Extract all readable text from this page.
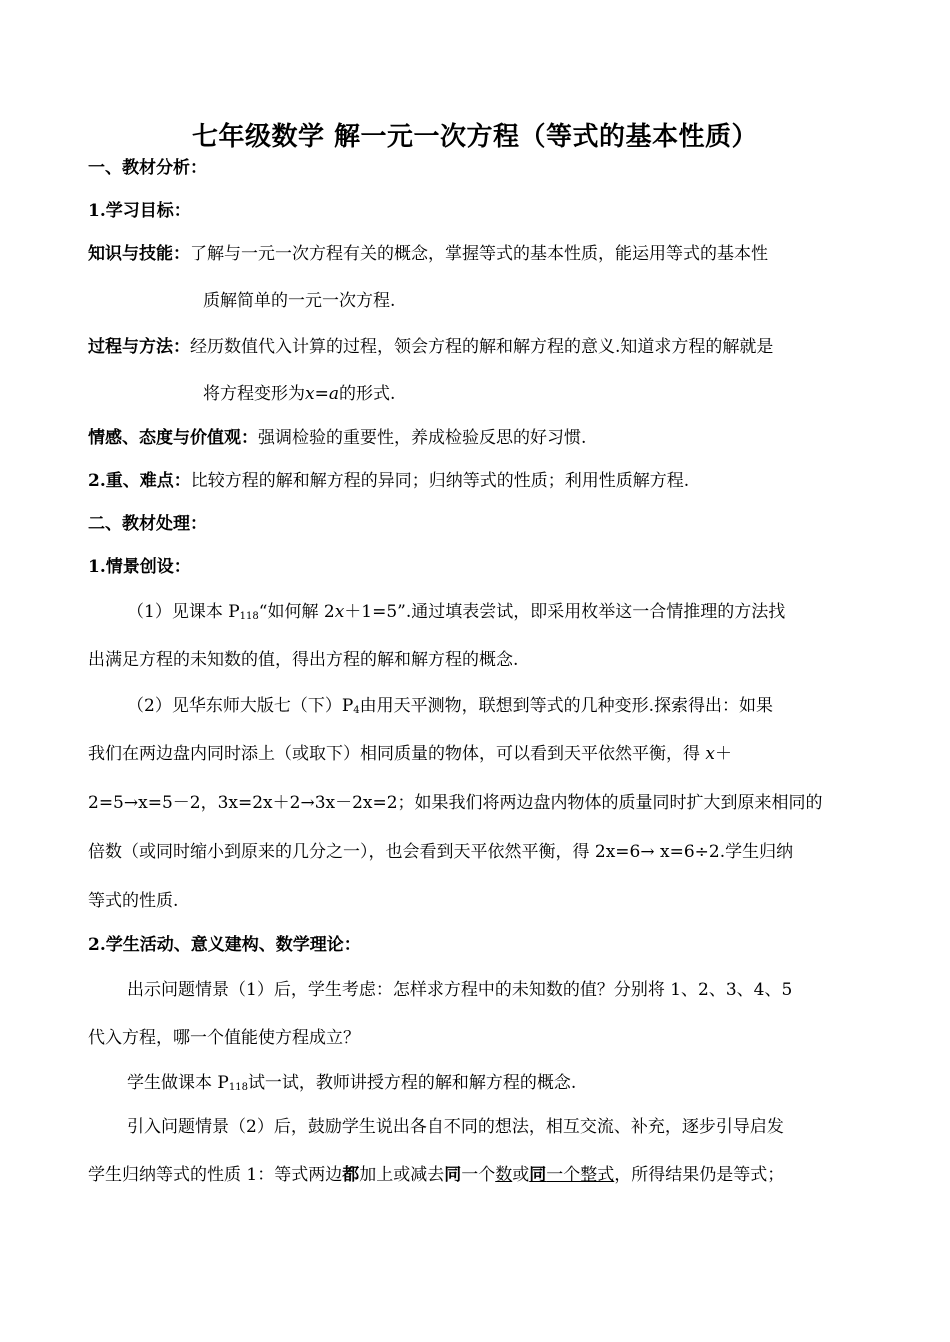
七年级数学 解一元一次方程（等式的基本性质）
一、教材分析：
1.学习目标：
知识与技能：了解与一元一次方程有关的概念，掌握等式的基本性质，能运用等式的基本性
质解简单的一元一次方程.
过程与方法：经历数值代入计算的过程，领会方程的解和解方程的意义.知道求方程的解就是
将方程变形为x=a的形式.
情感、态度与价值观：强调检验的重要性，养成检验反思的好习惯.
2.重、难点：比较方程的解和解方程的异同；归纳等式的性质；利用性质解方程.
二、教材处理：
1.情景创设：
（1）见课本 $P_{118}“$如何解 2x＋1=5”.通过填表尝试，即采用枚举这一合情推理的方法找
出满足方程的未知数的值，得出方程的解和解方程的概念.
（2）见华东师大版七（下）$P_4$由用天平测物，联想到等式的几种变形.探索得出：如果
我们在两边盘内同时添上（或取下）相同质量的物体，可以看到天平依然平衡，得 x＋
2=5→x=5－2，3x=2x＋2→3x－2x=2；如果我们将两边盘内物体的质量同时扩大到原来相同的
倍数（或同时缩小到原来的几分之一），也会看到天平依然平衡，得 2x=6→ x=6÷2.学生归纳
等式的性质.
2.学生活动、意义建构、数学理论：
出示问题情景（1）后，学生考虑：怎样求方程中的未知数的值？分别将 1、2、3、4、5
代入方程，哪一个值能使方程成立？
学生做课本 $P_{118}$试一试，教师讲授方程的解和解方程的概念.
引入问题情景（2）后，鼓励学生说出各自不同的想法，相互交流、补充，逐步引导启发
学生归纳等式的性质 1：等式两边都加上或减去同一个数或同一个整式，所得结果仍是等式；
